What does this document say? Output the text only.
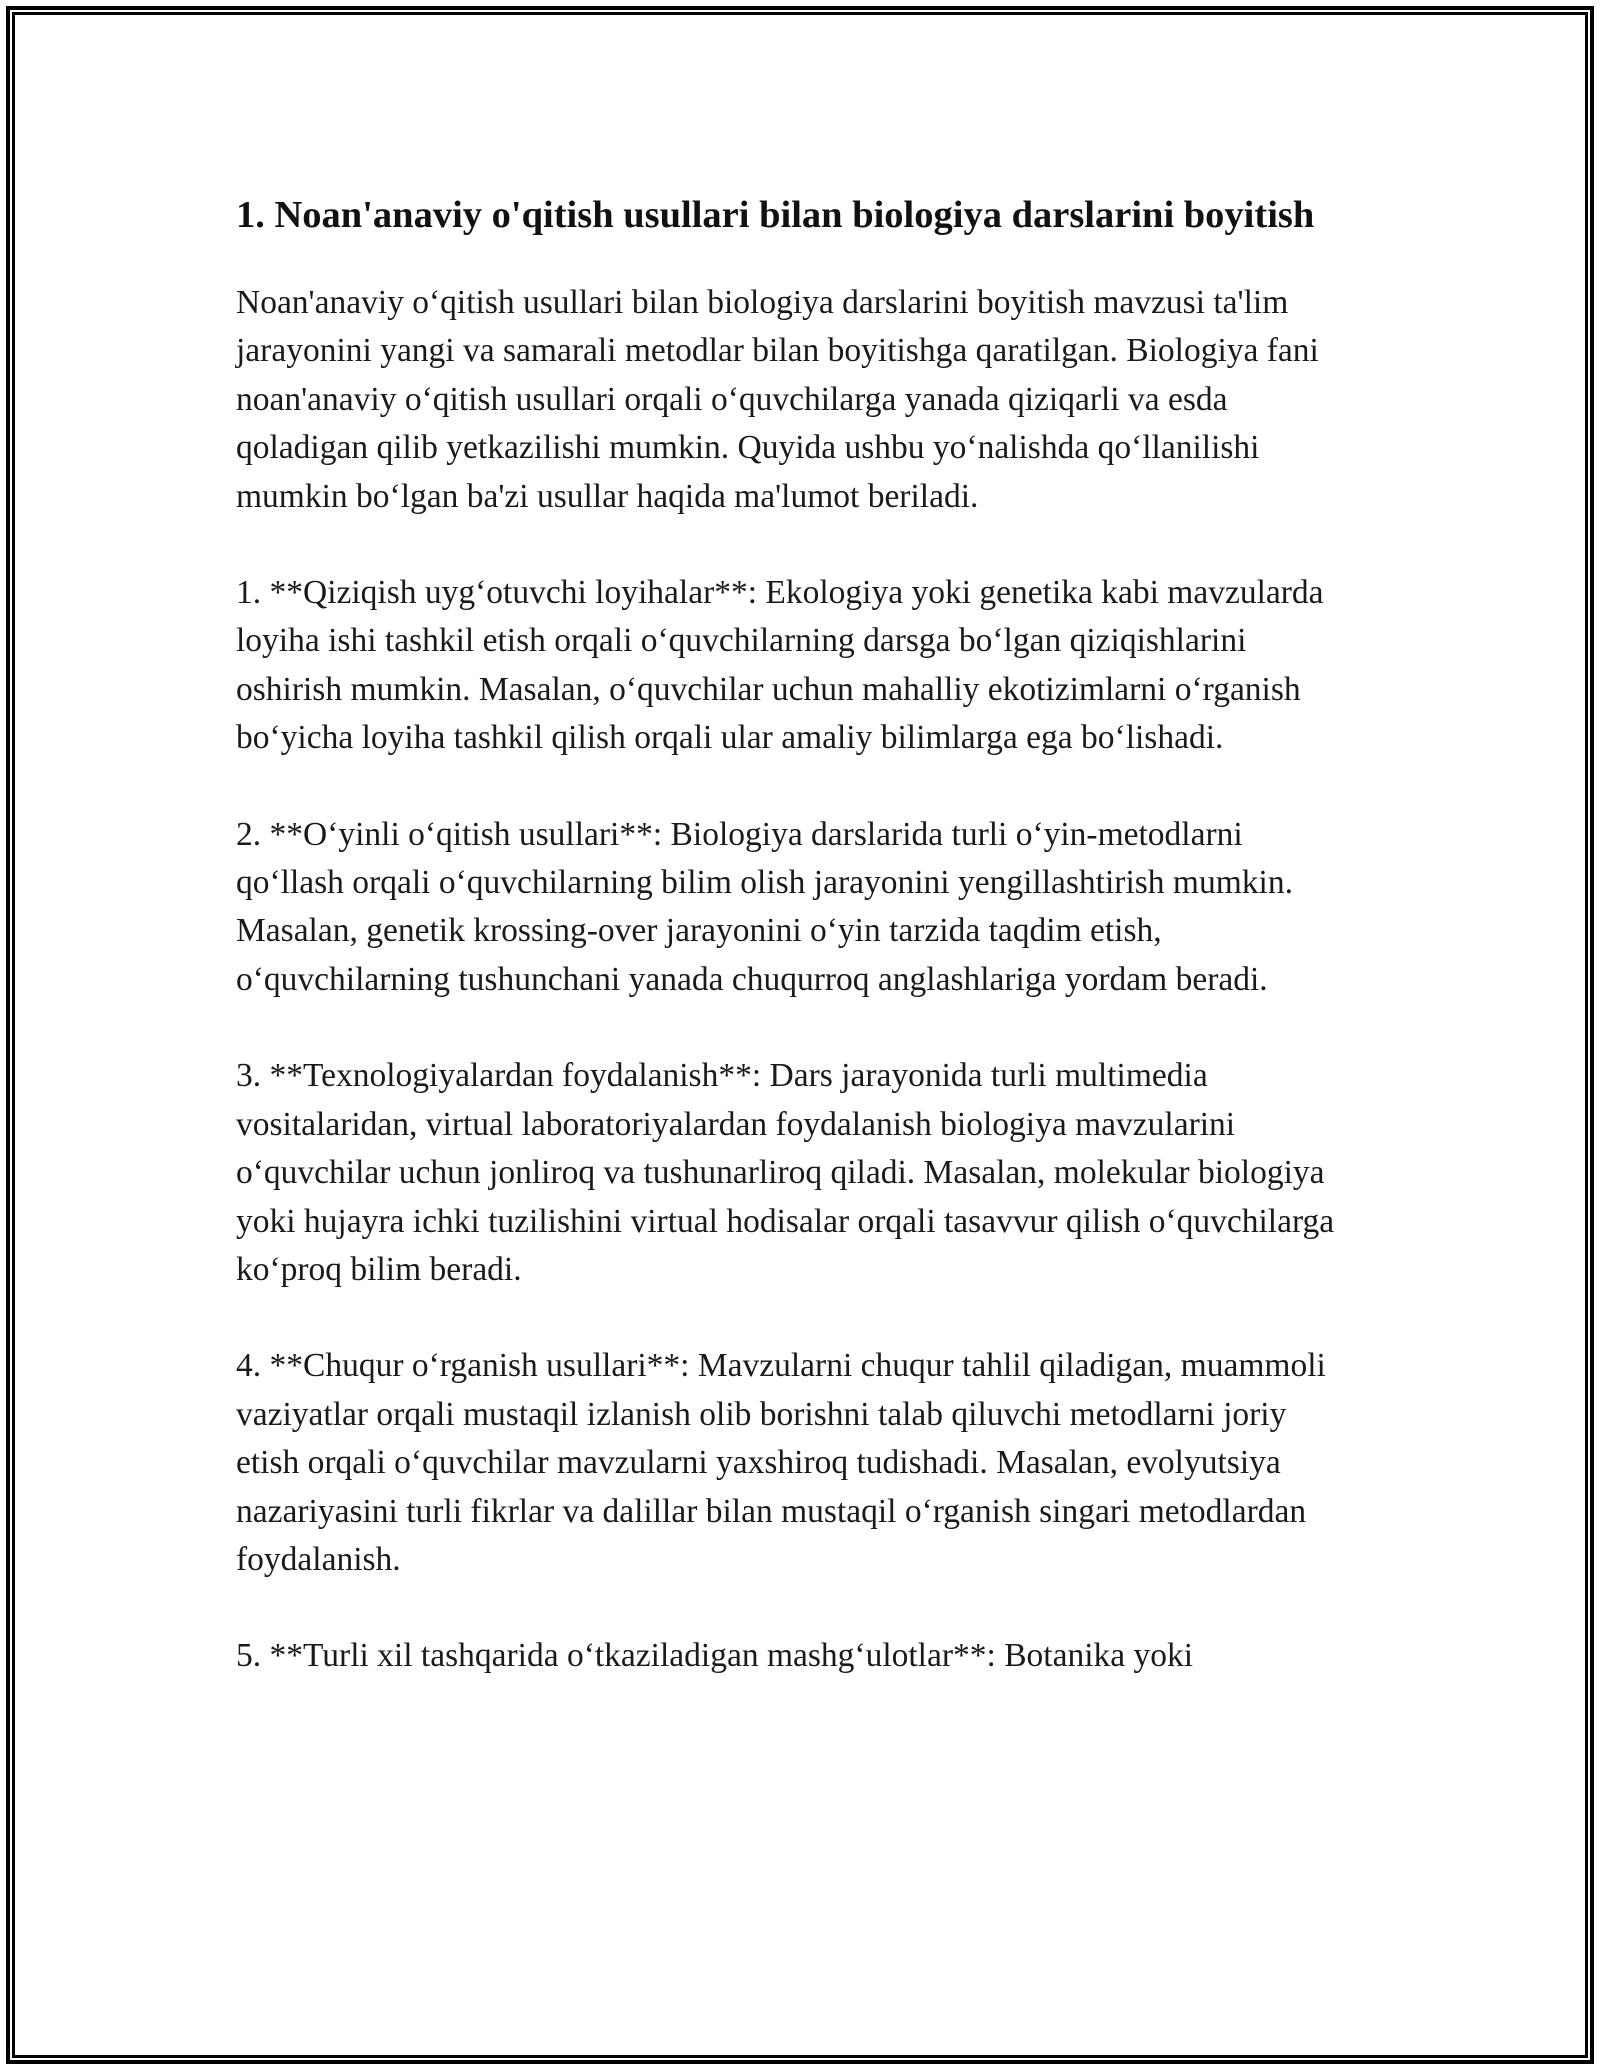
1. Noan'anaviy o'qitish usullari bilan biologiya darslarini boyitish

Noan'anaviy o‘qitish usullari bilan biologiya darslarini boyitish mavzusi ta'lim jarayonini yangi va samarali metodlar bilan boyitishga qaratilgan. Biologiya fani noan'anaviy o‘qitish usullari orqali o‘quvchilarga yanada qiziqarli va esda qoladigan qilib yetkazilishi mumkin. Quyida ushbu yo‘nalishda qo‘llanilishi mumkin bo‘lgan ba'zi usullar haqida ma'lumot beriladi.

1. **Qiziqish uyg‘otuvchi loyihalar**: Ekologiya yoki genetika kabi mavzularda loyiha ishi tashkil etish orqali o‘quvchilarning darsga bo‘lgan qiziqishlarini oshirish mumkin. Masalan, o‘quvchilar uchun mahalliy ekotizimlarni o‘rganish bo‘yicha loyiha tashkil qilish orqali ular amaliy bilimlarga ega bo‘lishadi.

2. **O‘yinli o‘qitish usullari**: Biologiya darslarida turli o‘yin-metodlarni qo‘llash orqali o‘quvchilarning bilim olish jarayonini yengillashtirish mumkin. Masalan, genetik krossing-over jarayonini o‘yin tarzida taqdim etish, o‘quvchilarning tushunchani yanada chuqurroq anglashlariga yordam beradi.

3. **Texnologiyalardan foydalanish**: Dars jarayonida turli multimedia vositalaridan, virtual laboratoriyalardan foydalanish biologiya mavzularini o‘quvchilar uchun jonliroq va tushunarliroq qiladi. Masalan, molekular biologiya yoki hujayra ichki tuzilishini virtual hodisalar orqali tasavvur qilish o‘quvchilarga ko‘proq bilim beradi.

4. **Chuqur o‘rganish usullari**: Mavzularni chuqur tahlil qiladigan, muammoli vaziyatlar orqali mustaqil izlanish olib borishni talab qiluvchi metodlarni joriy etish orqali o‘quvchilar mavzularni yaxshiroq tudishadi. Masalan, evolyutsiya nazariyasini turli fikrlar va dalillar bilan mustaqil o‘rganish singari metodlardan foydalanish.

5. **Turli xil tashqarida o‘tkaziladigan mashg‘ulotlar**: Botanika yoki
